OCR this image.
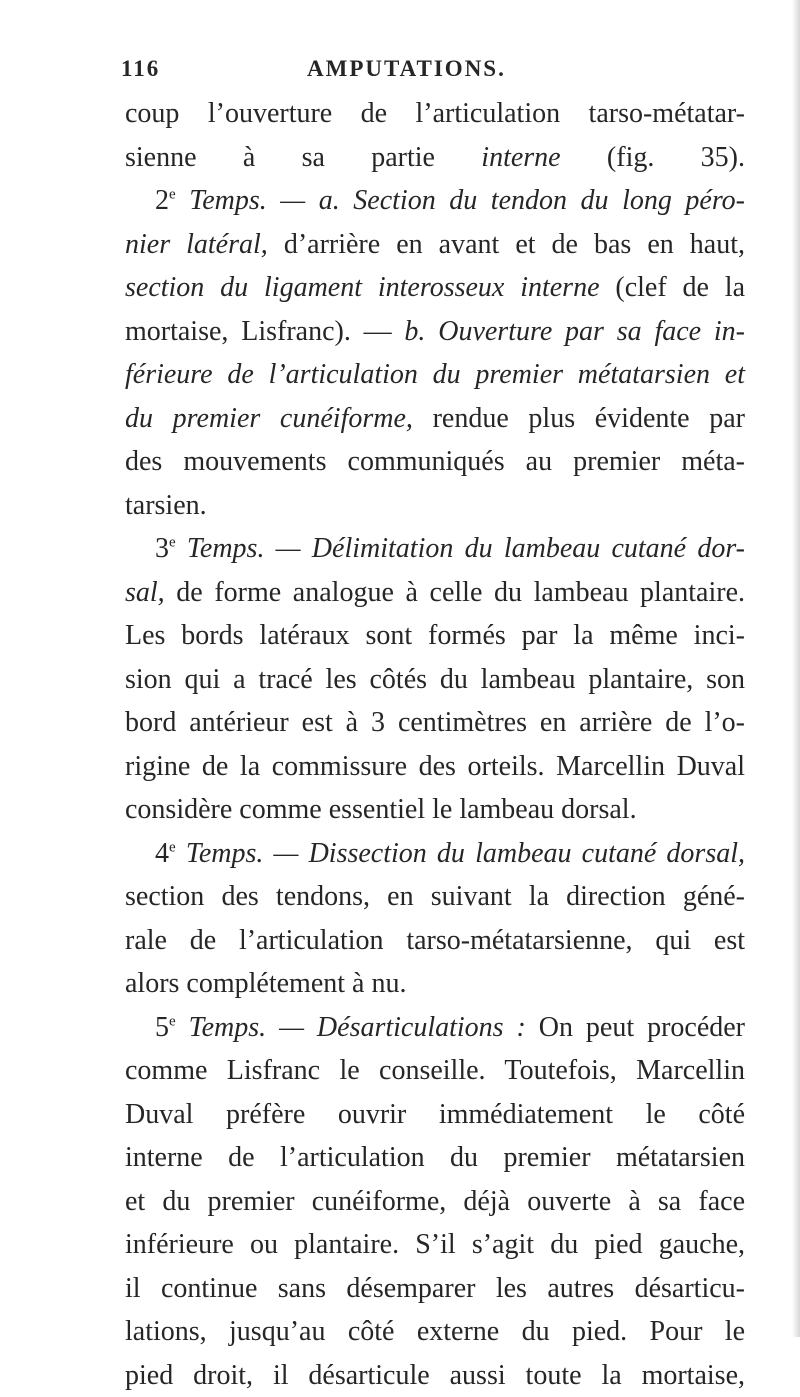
116	AMPUTATIONS.
coup l’ouverture de l’articulation tarso-métatar-
sienne à sa partie interne (fig. 35).
2e Temps. — a. Section du tendon du long péro-
nier latéral, d’arrière en avant et de bas en haut,
section du ligament interosseux interne (clef de la
mortaise, Lisfranc). — b. Ouverture par sa face in-
férieure de l’articulation du premier métatarsien et
du premier cunéiforme, rendue plus évidente par
des mouvements communiqués au premier méta-
tarsien.
3e Temps. — Délimitation du lambeau cutané dor-
sal, de forme analogue à celle du lambeau plantaire.
Les bords latéraux sont formés par la même inci-
sion qui a tracé les côtés du lambeau plantaire, son
bord antérieur est à 3 centimètres en arrière de l’o-
rigine de la commissure des orteils. Marcellin Duval
considère comme essentiel le lambeau dorsal.
4e Temps. — Dissection du lambeau cutané dorsal,
section des tendons, en suivant la direction géné-
rale de l’articulation tarso-métatarsienne, qui est
alors complétement à nu.
5e Temps. — Désarticulations : On peut procéder
comme Lisfranc le conseille. Toutefois, Marcellin
Duval préfère ouvrir immédiatement le côté
interne de l’articulation du premier métatarsien
et du premier cunéiforme, déjà ouverte à sa face
inférieure ou plantaire. S’il s’agit du pied gauche,
il continue sans désemparer les autres désarticu-
lations, jusqu’au côté externe du pied. Pour le
pied droit, il désarticule aussi toute la mortaise,
